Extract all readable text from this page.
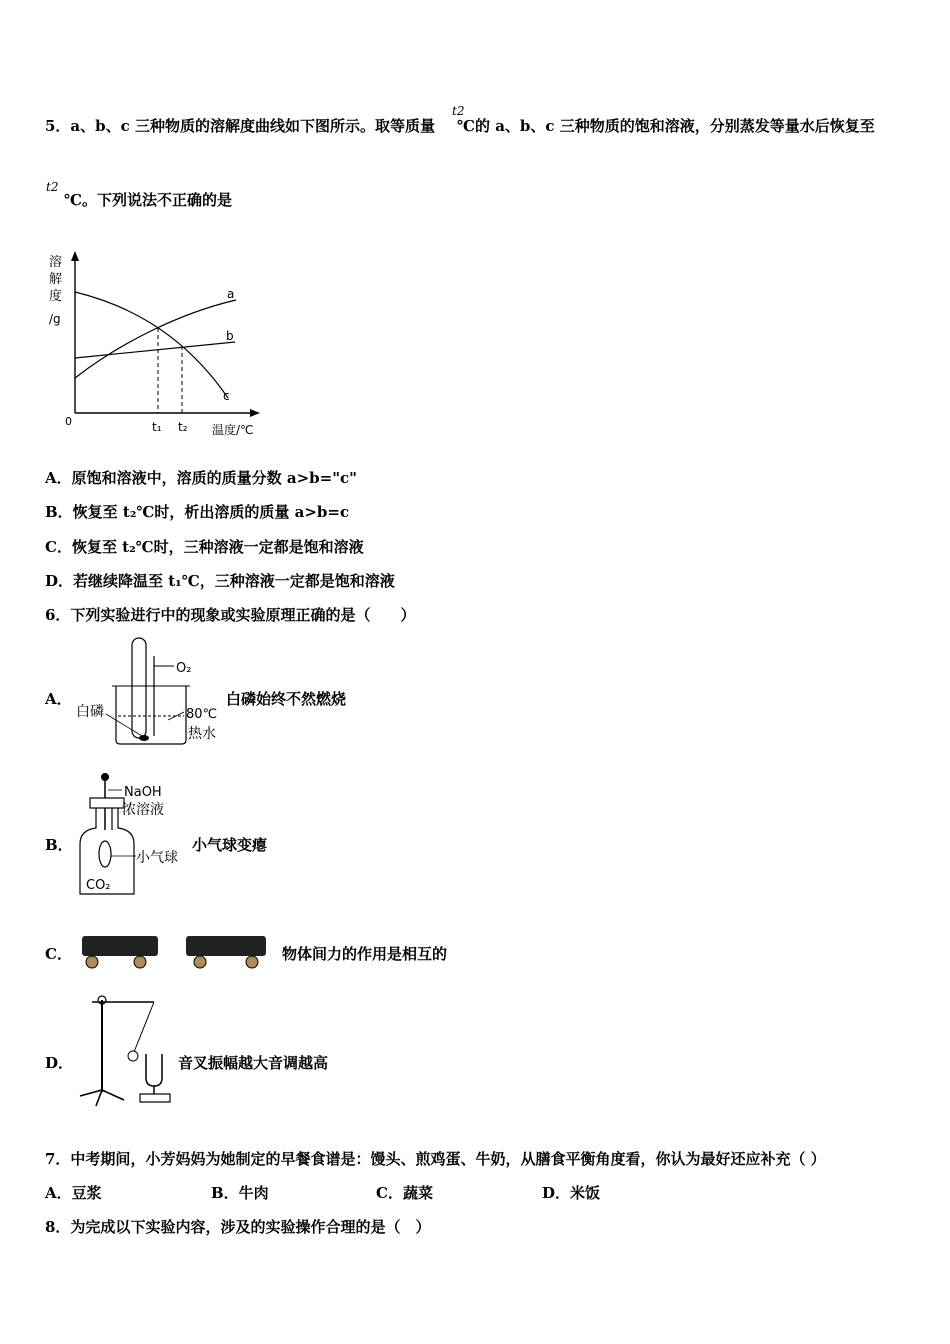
5．a、b、c 三种物质的溶解度曲线如下图所示。取等质量 ℃的 a、b、c 三种物质的饱和溶液，分别蒸发等量水后恢复至
t2
t2
℃。下列说法不正确的是
溶
解
度
/g
0
a
b
c
t₁ t₂ 温度/℃
A．原饱和溶液中，溶质的质量分数 a>b="c"
B．恢复至 t₂℃时，析出溶质的质量 a>b=c
C．恢复至 t₂℃时，三种溶液一定都是饱和溶液
D．若继续降温至 t₁℃，三种溶液一定都是饱和溶液
6．下列实验进行中的现象或实验原理正确的是（　　）
A．
O₂
白磷	80℃
热水
白磷始终不然燃烧
B．
NaOH
浓溶液
小气球
CO₂
小气球变瘪
C．	物体间力的作用是相互的
D．	音叉振幅越大音调越高
7．中考期间，小芳妈妈为她制定的早餐食谱是：馒头、煎鸡蛋、牛奶，从膳食平衡角度看，你认为最好还应补充（ ）
A．豆浆	B．牛肉	C．蔬菜	D．米饭
8．为完成以下实验内容，涉及的实验操作合理的是（　）
